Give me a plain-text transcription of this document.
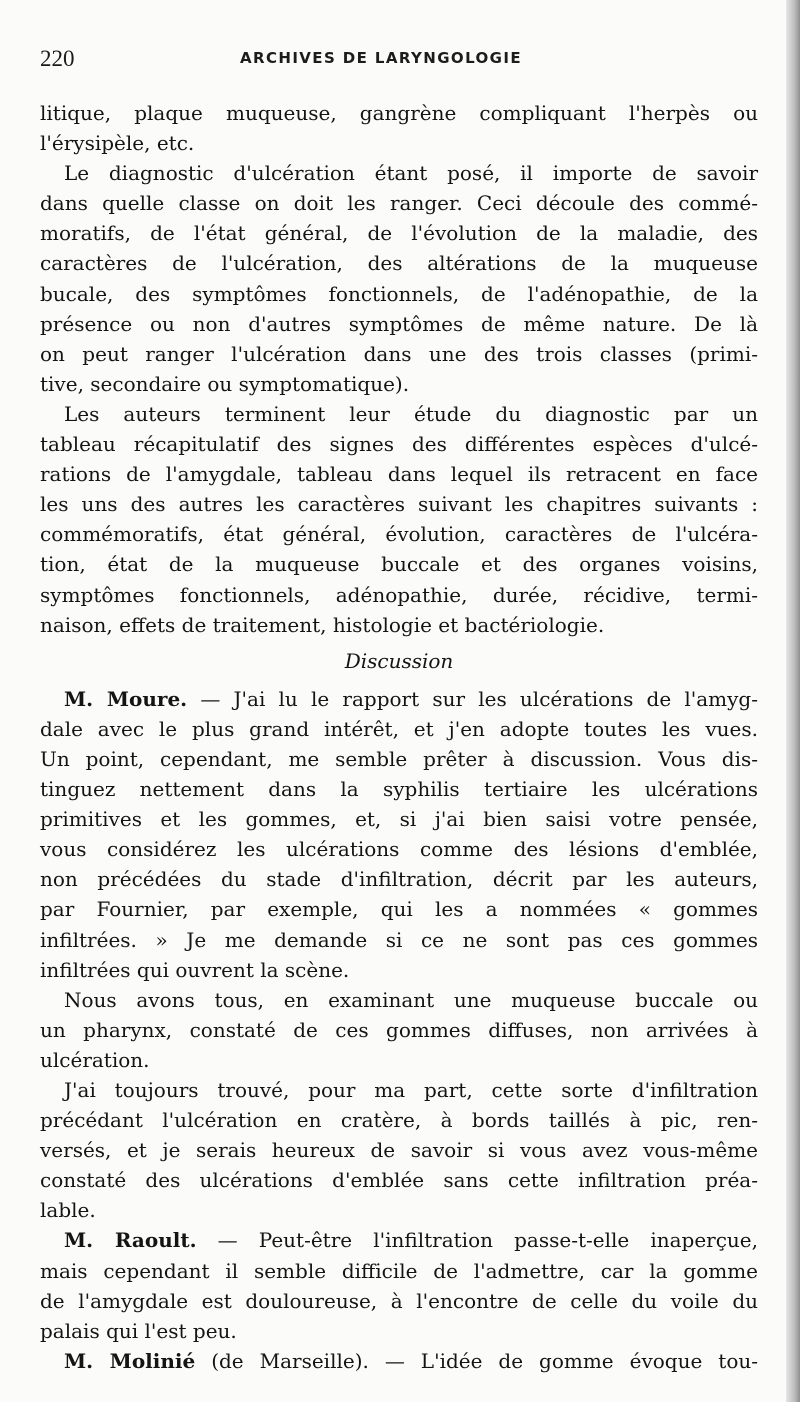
220	ARCHIVES DE LARYNGOLOGIE
litique, plaque muqueuse, gangrène compliquant l'herpès ou
l'érysipèle, etc.
Le diagnostic d'ulcération étant posé, il importe de savoir
dans quelle classe on doit les ranger. Ceci découle des commé-
moratifs, de l'état général, de l'évolution de la maladie, des
caractères de l'ulcération, des altérations de la muqueuse
bucale, des symptômes fonctionnels, de l'adénopathie, de la
présence ou non d'autres symptômes de même nature. De là
on peut ranger l'ulcération dans une des trois classes (primi-
tive, secondaire ou symptomatique).
Les auteurs terminent leur étude du diagnostic par un
tableau récapitulatif des signes des différentes espèces d'ulcé-
rations de l'amygdale, tableau dans lequel ils retracent en face
les uns des autres les caractères suivant les chapitres suivants :
commémoratifs, état général, évolution, caractères de l'ulcéra-
tion, état de la muqueuse buccale et des organes voisins,
symptômes fonctionnels, adénopathie, durée, récidive, termi-
naison, effets de traitement, histologie et bactériologie.
Discussion
M. Moure. — J'ai lu le rapport sur les ulcérations de l'amyg-
dale avec le plus grand intérêt, et j'en adopte toutes les vues.
Un point, cependant, me semble prêter à discussion. Vous dis-
tinguez nettement dans la syphilis tertiaire les ulcérations
primitives et les gommes, et, si j'ai bien saisi votre pensée,
vous considérez les ulcérations comme des lésions d'emblée,
non précédées du stade d'infiltration, décrit par les auteurs,
par Fournier, par exemple, qui les a nommées « gommes
infiltrées. » Je me demande si ce ne sont pas ces gommes
infiltrées qui ouvrent la scène.
Nous avons tous, en examinant une muqueuse buccale ou
un pharynx, constaté de ces gommes diffuses, non arrivées à
ulcération.
J'ai toujours trouvé, pour ma part, cette sorte d'infiltration
précédant l'ulcération en cratère, à bords taillés à pic, ren-
versés, et je serais heureux de savoir si vous avez vous-même
constaté des ulcérations d'emblée sans cette infiltration préa-
lable.
M. Raoult. — Peut-être l'infiltration passe-t-elle inaperçue,
mais cependant il semble difficile de l'admettre, car la gomme
de l'amygdale est douloureuse, à l'encontre de celle du voile du
palais qui l'est peu.
M. Molinié (de Marseille). — L'idée de gomme évoque tou-
